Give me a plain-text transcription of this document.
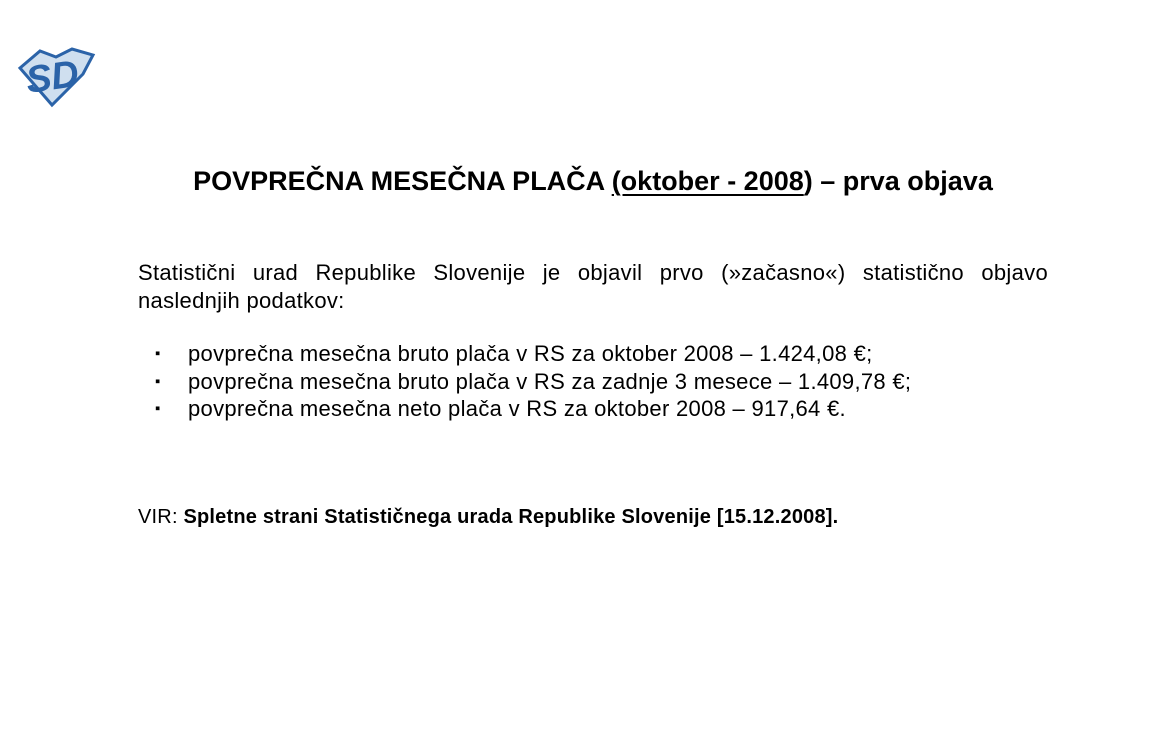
SD
POVPREČNA MESEČNA PLAČA (oktober - 2008) – prva objava
Statistični urad Republike Slovenije je objavil prvo (»začasno«) statistično objavo naslednjih podatkov:
▪	povprečna mesečna bruto plača v RS za oktober 2008 – 1.424,08 €;
▪	povprečna mesečna bruto plača v RS za zadnje 3 mesece – 1.409,78 €;
▪	povprečna mesečna neto plača v RS za oktober 2008 – 917,64 €.
VIR: Spletne strani Statističnega urada Republike Slovenije [15.12.2008].
